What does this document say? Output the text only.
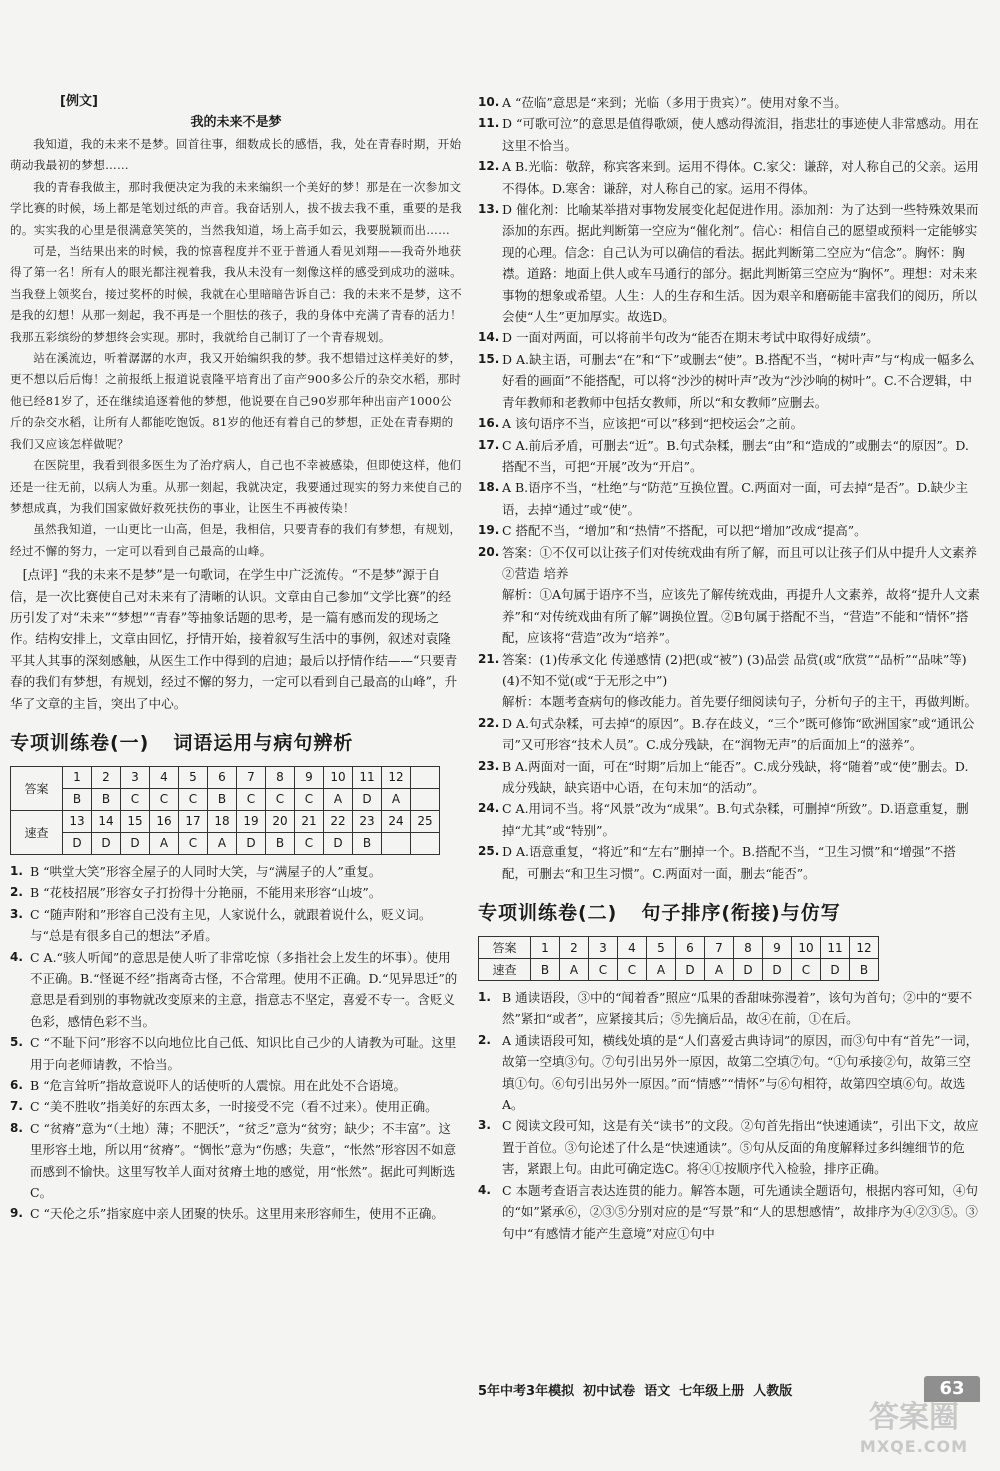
[例文]
我的未来不是梦
我知道，我的未来不是梦。回首往事，细数成长的感悟，我，处在青春时期，开始萌动我最初的梦想……
我的青春我做主，那时我便决定为我的未来编织一个美好的梦！那是在一次参加文学比赛的时候，场上都是笔划过纸的声音。我奋话别人，拔不拔去我不重，重要的是我的。实实我的心里是很满意笑笑的，当然我知道，场上高手如云，我要脱颖而出……
可是，当结果出来的时候，我的惊喜程度并不亚于普通人看见刘翔——我奇外地获得了第一名！所有人的眼光都注视着我，我从未没有一刻像这样的感受到成功的滋味。当我登上领奖台，接过奖杯的时候，我就在心里暗暗告诉自己：我的未来不是梦，这不是我的幻想！从那一刻起，我不再是一个胆怯的孩子，我的身体中充满了青春的活力！我那五彩缤纷的梦想终会实现。那时，我就给自己制订了一个青春规划。
站在溪流边，听着潺潺的水声，我又开始编织我的梦。我不想错过这样美好的梦，更不想以后后悔！之前报纸上报道说袁隆平培育出了亩产900多公斤的杂交水稻，那时他已经81岁了，还在继续追逐着他的梦想，他说要在自己90岁那年种出亩产1000公斤的杂交水稻，让所有人都能吃饱饭。81岁的他还有着自己的梦想，正处在青春期的我们又应该怎样做呢？
在医院里，我看到很多医生为了治疗病人，自己也不幸被感染，但即使这样，他们还是一往无前，以病人为重。从那一刻起，我就决定，我要通过现实的努力来使自己的梦想成真，为我们国家做好救死扶伤的事业，让医生不再被传染！
虽然我知道，一山更比一山高，但是，我相信，只要青春的我们有梦想，有规划，经过不懈的努力，一定可以看到自己最高的山峰。
[点评] “我的未来不是梦”是一句歌词，在学生中广泛流传。“不是梦”源于自信，是一次比赛使自己对未来有了清晰的认识。文章由自己参加“文学比赛”的经历引发了对“未来”“梦想”“青春”等抽象话题的思考，是一篇有感而发的现场之作。结构安排上，文章由回忆，抒情开始，接着叙写生活中的事例，叙述对袁隆平其人其事的深刻感触，从医生工作中得到的启迪；最后以抒情作结——“只要青春的我们有梦想，有规划，经过不懈的努力，一定可以看到自己最高的山峰”，升华了文章的主旨，突出了中心。
专项训练卷(一) 词语运用与病句辨析
答案	1	2	3	4	5	6	7	8	9	10	11	12	
	B	B	C	C	C	B	C	C	C	A	D	A	
速查	13	14	15	16	17	18	19	20	21	22	23	24	25
	D	D	D	A	C	A	D	B	C	D	B		
1. B “哄堂大笑”形容全屋子的人同时大笑，与“满屋子的人”重复。
2. B “花枝招展”形容女子打扮得十分艳丽，不能用来形容“山坡”。
3. C “随声附和”形容自己没有主见，人家说什么，就跟着说什么，贬义词。与“总是有很多自己的想法”矛盾。
4. C A.“骇人听闻”的意思是使人听了非常吃惊（多指社会上发生的坏事）。使用不正确。B.“怪诞不经”指离奇古怪，不合常理。使用不正确。D.“见异思迁”的意思是看到别的事物就改变原来的主意，指意志不坚定，喜爱不专一。含贬义色彩，感情色彩不当。
5. C “不耻下问”形容不以向地位比自己低、知识比自己少的人请教为可耻。这里用于向老师请教，不恰当。
6. B “危言耸听”指故意说吓人的话使听的人震惊。用在此处不合语境。
7. C “美不胜收”指美好的东西太多，一时接受不完（看不过来）。使用正确。
8. C “贫瘠”意为“（土地）薄；不肥沃”，“贫乏”意为“贫穷；缺少；不丰富”。这里形容土地，所以用“贫瘠”。“惆怅”意为“伤感；失意”，“怅然”形容因不如意而感到不愉快。这里写牧羊人面对贫瘠土地的感觉，用“怅然”。据此可判断选C。
9. C “天伦之乐”指家庭中亲人团聚的快乐。这里用来形容师生，使用不正确。
10. A “莅临”意思是“来到；光临（多用于贵宾）”。使用对象不当。
11. D “可歌可泣”的意思是值得歌颂，使人感动得流泪，指悲壮的事迹使人非常感动。用在这里不恰当。
12. A B.光临：敬辞，称宾客来到。运用不得体。C.家父：谦辞，对人称自己的父亲。运用不得体。D.寒舍：谦辞，对人称自己的家。运用不得体。
13. D 催化剂：比喻某举措对事物发展变化起促进作用。添加剂：为了达到一些特殊效果而添加的东西。据此判断第一空应为“催化剂”。信心：相信自己的愿望或预料一定能够实现的心理。信念：自己认为可以确信的看法。据此判断第二空应为“信念”。胸怀：胸襟。道路：地面上供人或车马通行的部分。据此判断第三空应为“胸怀”。理想：对未来事物的想象或希望。人生：人的生存和生活。因为艰辛和磨砺能丰富我们的阅历，所以会使“人生”更加厚实。故选D。
14. D 一面对两面，可以将前半句改为“能否在期末考试中取得好成绩”。
15. D A.缺主语，可删去“在”和“下”或删去“使”。B.搭配不当，“树叶声”与“构成一幅多么好看的画面”不能搭配，可以将“沙沙的树叶声”改为“沙沙响的树叶”。C.不合逻辑，中青年教师和老教师中包括女教师，所以“和女教师”应删去。
16. A 该句语序不当，应该把“可以”移到“把校运会”之前。
17. C A.前后矛盾，可删去“近”。B.句式杂糅，删去“由”和“造成的”或删去“的原因”。D.搭配不当，可把“开展”改为“开启”。
18. A B.语序不当，“杜绝”与“防范”互换位置。C.两面对一面，可去掉“是否”。D.缺少主语，去掉“通过”或“使”。
19. C 搭配不当，“增加”和“热情”不搭配，可以把“增加”改成“提高”。
20. 答案：①不仅可以让孩子们对传统戏曲有所了解，而且可以让孩子们从中提升人文素养 ②营造 培养
解析：①A句属于语序不当，应该先了解传统戏曲，再提升人文素养，故将“提升人文素养”和“对传统戏曲有所了解”调换位置。②B句属于搭配不当，“营造”不能和“情怀”搭配，应该将“营造”改为“培养”。
21. 答案：(1)传承文化 传递感情 (2)把(或“被”) (3)品尝 品赏(或“欣赏”“品析”“品味”等) (4)不知不觉(或“于无形之中”)
解析：本题考查病句的修改能力。首先要仔细阅读句子，分析句子的主干，再做判断。
22. D A.句式杂糅，可去掉“的原因”。B.存在歧义，“三个”既可修饰“欧洲国家”或“通讯公司”又可形容“技术人员”。C.成分残缺，在“润物无声”的后面加上“的滋养”。
23. B A.两面对一面，可在“时期”后加上“能否”。C.成分残缺，将“随着”或“使”删去。D.成分残缺，缺宾语中心语，在句末加“的活动”。
24. C A.用词不当。将“风景”改为“成果”。B.句式杂糅，可删掉“所致”。D.语意重复，删掉“尤其”或“特别”。
25. D A.语意重复，“将近”和“左右”删掉一个。B.搭配不当，“卫生习惯”和“增强”不搭配，可删去“和卫生习惯”。C.两面对一面，删去“能否”。
专项训练卷(二) 句子排序(衔接)与仿写
答案	1	2	3	4	5	6	7	8	9	10	11	12
速查	B	A	C	C	A	D	A	D	D	C	D	B
1. B 通读语段，③中的“闻着香”照应“瓜果的香甜味弥漫着”，该句为首句；②中的“要不然”紧扣“或者”，应紧接其后；⑤先摘后品，故④在前，①在后。
2. A 通读语段可知，横线处填的是“人们喜爱古典诗词”的原因，而③句中有“首先”一词，故第一空填③句。⑦句引出另外一原因，故第二空填⑦句。“①句承接②句，故第三空填①句。⑥句引出另外一原因。”而“情感”“情怀”与⑥句相符，故第四空填⑥句。故选A。
3. C 阅读文段可知，这是有关“读书”的文段。②句首先指出“快速通读”，引出下文，故应置于首位。③句论述了什么是“快速通读”。⑤句从反面的角度解释过多纠缠细节的危害，紧跟上句。由此可确定选C。将④①按顺序代入检验，排序正确。
4. C 本题考查语言表达连贯的能力。解答本题，可先通读全题语句，根据内容可知，④句的“如”紧承⑥，②③⑤分别对应的是“写景”和“人的思想感情”，故排序为④②③⑤。③句中“有感情才能产生意境”对应①句中
5年中考3年模拟  初中试卷  语文  七年级上册  人教版	63
答案圈
MXQE.COM
